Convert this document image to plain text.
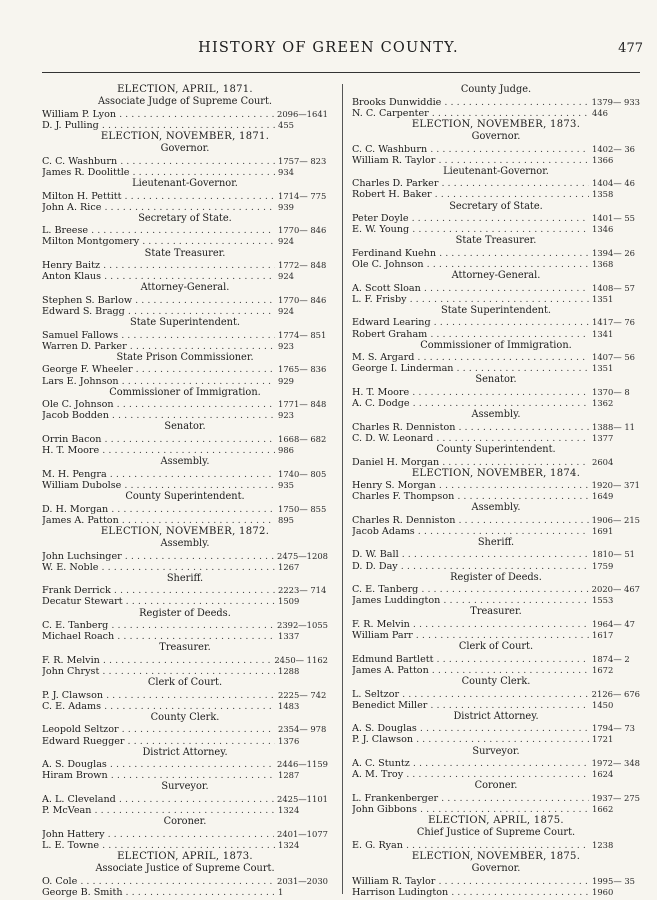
HISTORY OF GREEN COUNTY.	477
ELECTION, APRIL, 1871.
Associate Judge of Supreme Court.
William P. Lyon . . .	2096—1641
D. J. Pulling . . .	455
ELECTION, NOVEMBER, 1871.
Governor.
C. C. Washburn . . .	1757— 823
James R. Doolittle . . .	934
Lieutenant-Governor.
Milton H. Pettitt . . .	1714— 775
John A. Rice . . .	939
Secretary of State.
L. Breese . . .	1770— 846
Milton Montgomery . . .	924
State Treasurer.
Henry Baitz . . .	1772— 848
Anton Klaus . . .	924
Attorney-General.
Stephen S. Barlow . . .	1770— 846
Edward S. Bragg . . .	924
State Superintendent.
Samuel Fallows . . .	1774— 851
Warren D. Parker . . .	923
State Prison Commissioner.
George F. Wheeler . . .	1765— 836
Lars E. Johnson . . .	929
Commissioner of Immigration.
Ole C. Johnson . . .	1771— 848
Jacob Bodden . . .	923
Senator.
Orrin Bacon . . .	1668— 682
H. T. Moore . . .	986
Assembly.
M. H. Pengra . . .	1740— 805
William Dubolse . . .	935
County Superintendent.
D. H. Morgan . . .	1750— 855
James A. Patton . . .	895
ELECTION, NOVEMBER, 1872.
Assembly.
John Luchsinger . . .	2475—1208
W. E. Noble . . .	1267
Sheriff.
Frank Derrick . . .	2223— 714
Decatur Stewart . . .	1509
Register of Deeds.
C. E. Tanberg . . .	2392—1055
Michael Roach . . .	1337
Treasurer.
F. R. Melvin . . .	2450— 1162
John Chryst . . .	1288
Clerk of Court.
P. J. Clawson . . .	2225— 742
C. E. Adams . . .	1483
County Clerk.
Leopold Seltzor . . .	2354— 978
Edward Ruegger . . .	1376
District Attorney.
A. S. Douglas . . .	2446—1159
Hiram Brown . . .	1287
Surveyor.
A. L. Cleveland . . .	2425—1101
P. McVean . . .	1324
Coroner.
John Hattery . . .	2401—1077
L. E. Towne . . .	1324
ELECTION, APRIL, 1873.
Associate Justice of Supreme Court.
O. Cole . . .	2031—2030
George B. Smith . . .	1
County Judge.
Brooks Dunwiddie . . .	1379— 933
N. C. Carpenter . . .	446
ELECTION, NOVEMBER, 1873.
Governor.
C. C. Washburn . . .	1402— 36
William R. Taylor . . .	1366
Lieutenant-Governor.
Charles D. Parker . . .	1404— 46
Robert H. Baker . . .	1358
Secretary of State.
Peter Doyle . . .	1401— 55
E. W. Young . . .	1346
State Treasurer.
Ferdinand Kuehn . . .	1394— 26
Ole C. Johnson . . .	1368
Attorney-General.
A. Scott Sloan . . .	1408— 57
L. F. Frisby . . .	1351
State Superintendent.
Edward Learing . . .	1417— 76
Robert Graham . . .	1341
Commissioner of Immigration.
M. S. Argard . . .	1407— 56
George I. Linderman . . .	1351
Senator.
H. T. Moore . . .	1370— 8
A. C. Dodge . . .	1362
Assembly.
Charles R. Denniston . . .	1388— 11
C. D. W. Leonard . . .	1377
County Superintendent.
Daniel H. Morgan . . .	2604
ELECTION, NOVEMBER, 1874.
Henry S. Morgan . . .	1920— 371
Charles F. Thompson . . .	1649
Assembly.
Charles R. Denniston . . .	1906— 215
Jacob Adams . . .	1691
Sheriff.
D. W. Ball . . .	1810— 51
D. D. Day . . .	1759
Register of Deeds.
C. E. Tanberg . . .	2020— 467
James Luddington . . .	1553
Treasurer.
F. R. Melvin . . .	1964— 47
William Parr . . .	1617
Clerk of Court.
Edmund Bartlett . . .	1874— 2
James A. Patton . . .	1672
County Clerk.
L. Seltzor . . .	2126— 676
Benedict Miller . . .	1450
District Attorney.
A. S. Douglas . . .	1794— 73
P. J. Clawson . . .	1721
Surveyor.
A. C. Stuntz . . .	1972— 348
A. M. Troy . . .	1624
Coroner.
L. Frankenberger . . .	1937— 275
John Gibbons . . .	1662
ELECTION, APRIL, 1875.
Chief Justice of Supreme Court.
E. G. Ryan . . .	1238
ELECTION, NOVEMBER, 1875.
Governor.
William R. Taylor . . .	1995— 35
Harrison Ludington . . .	1960
